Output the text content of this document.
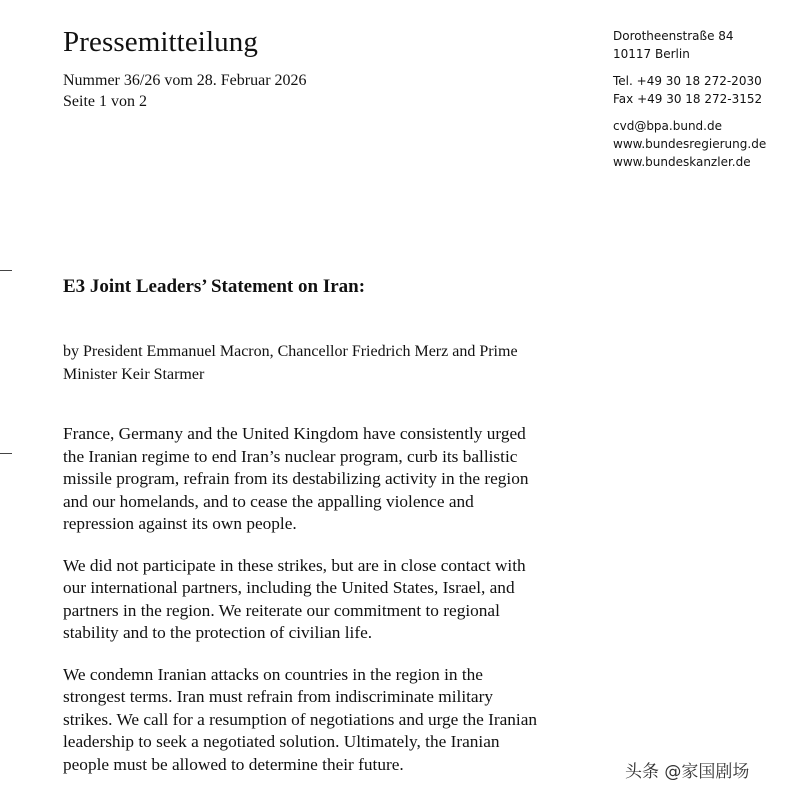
Pressemitteilung
Nummer 36/26 vom 28. Februar 2026
Seite 1 von 2
Dorotheenstraße 84
10117 Berlin
Tel. +49 30 18 272-2030
Fax +49 30 18 272-3152
cvd@bpa.bund.de
www.bundesregierung.de
www.bundeskanzler.de
E3 Joint Leaders’ Statement on Iran:
by President Emmanuel Macron, Chancellor Friedrich Merz and Prime
Minister Keir Starmer

France, Germany and the United Kingdom have consistently urged
the Iranian regime to end Iran’s nuclear program, curb its ballistic
missile program, refrain from its destabilizing activity in the region
and our homelands, and to cease the appalling violence and
repression against its own people.

We did not participate in these strikes, but are in close contact with
our international partners, including the United States, Israel, and
partners in the region. We reiterate our commitment to regional
stability and to the protection of civilian life.

We condemn Iranian attacks on countries in the region in the
strongest terms. Iran must refrain from indiscriminate military
strikes. We call for a resumption of negotiations and urge the Iranian
leadership to seek a negotiated solution. Ultimately, the Iranian
people must be allowed to determine their future.	头条 @家国剧场
